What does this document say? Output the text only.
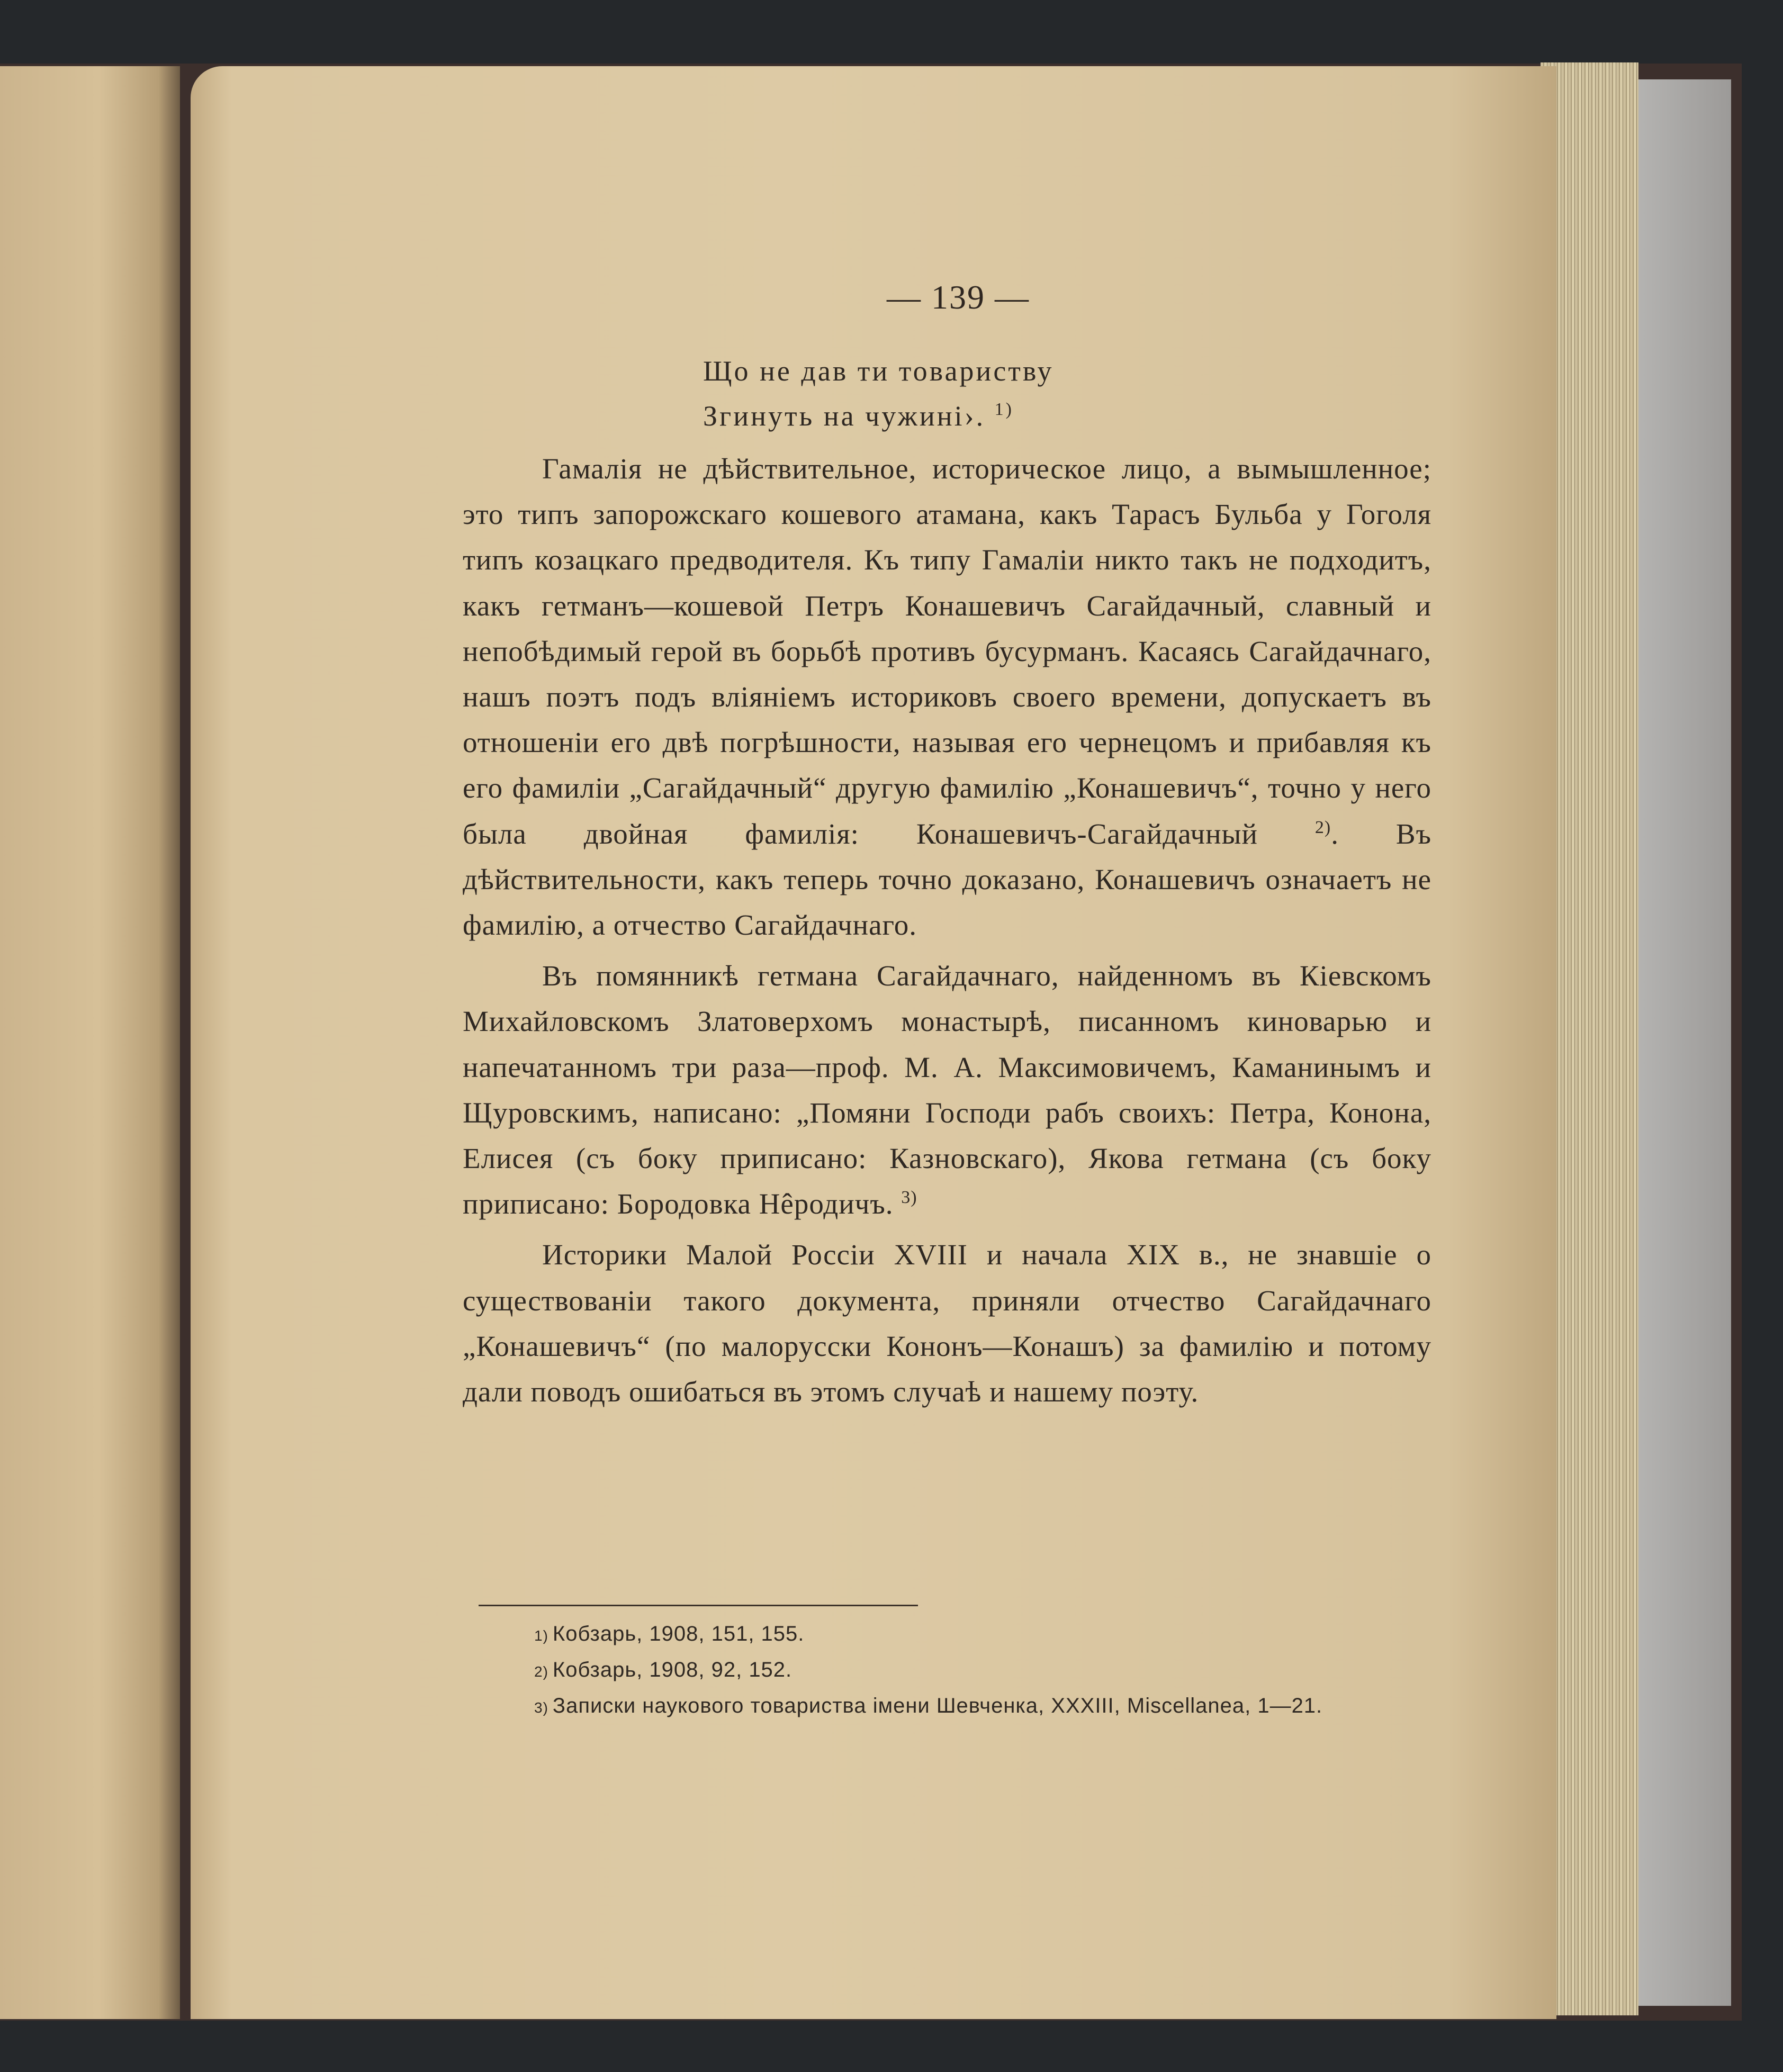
— 139 —
Що не дав ти товариству
Згинуть на чужині›. $^{1)}$

Гамалія не дѣйствительное, историческое лицо, а вымышленное; это типъ запорожскаго кошевого атамана, какъ Тарасъ Бульба у Гоголя типъ козацкаго предводителя. Къ типу Гамаліи никто такъ не подходитъ, какъ гетманъ—кошевой Петръ Конашевичъ Сагайдачный, славный и непобѣдимый герой въ борьбѣ противъ бусурманъ. Касаясь Сагайдачнаго, нашъ поэтъ подъ вліяніемъ историковъ своего времени, допускаетъ въ отношеніи его двѣ погрѣшности, называя его чернецомъ и прибавляя къ его фамиліи „Сагайдачный“ другую фамилію „Конашевичъ“, точно у него была двойная фамилія: Конашевичъ-Сагайдачный	$^{2)}$. Въ дѣйствительности, какъ теперь точно доказано, Конашевичъ означаетъ не фамилію, а отчество Сагайдачнаго.

Въ помянникѣ гетмана Сагайдачнаго, найденномъ въ Кіевскомъ Михайловскомъ Златоверхомъ монастырѣ, писанномъ киноварью и напечатанномъ три раза—проф. М. А. Максимовичемъ, Каманинымъ и Щуровскимъ, написано: „Помяни Господи рабъ своихъ: Петра, Конона, Елисея (съ боку приписано: Казновскаго), Якова гетмана (съ боку приписано: Бородовка Нêродичъ. $^{3)}$

Историки Малой Россіи XVIII и начала XIX в., не знавшіе о существованіи такого документа, приняли отчество Сагайдачнаго „Конашевичъ“ (по малорусски Кононъ—Конашъ) за фамилію и потому дали поводъ ошибаться въ этомъ случаѣ и нашему поэту.

1) Кобзарь, 1908, 151, 155.

2) Кобзарь, 1908, 92, 152.

3) Записки наукового товариства імени Шевченка, XXXIII, Miscellanea, 1—21.
